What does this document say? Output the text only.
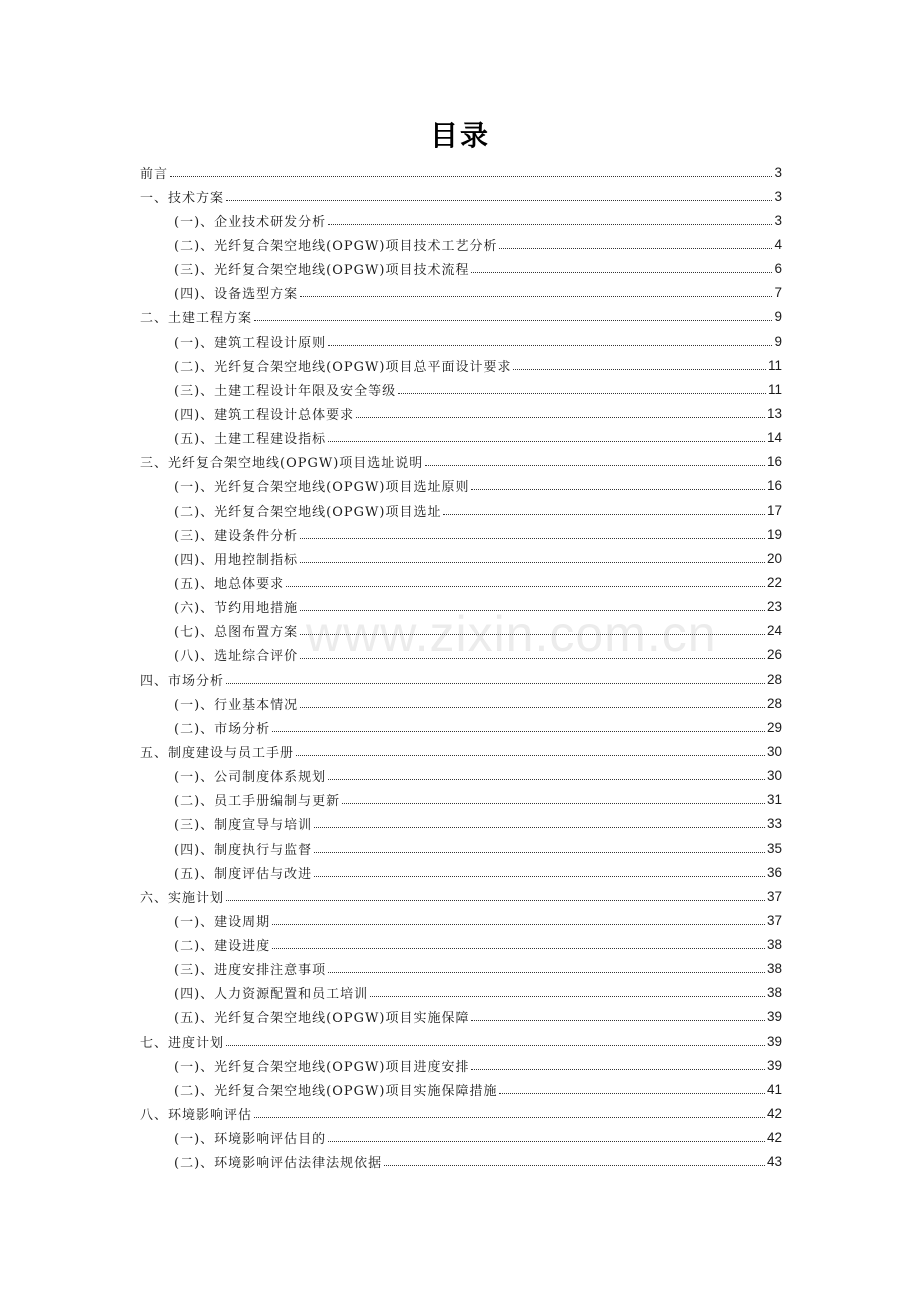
目录
前言	3
一、技术方案	3
(一)、企业技术研发分析	3
(二)、光纤复合架空地线(OPGW)项目技术工艺分析	4
(三)、光纤复合架空地线(OPGW)项目技术流程	6
(四)、设备选型方案	7
二、土建工程方案	9
(一)、建筑工程设计原则	9
(二)、光纤复合架空地线(OPGW)项目总平面设计要求	11
(三)、土建工程设计年限及安全等级	11
(四)、建筑工程设计总体要求	13
(五)、土建工程建设指标	14
三、光纤复合架空地线(OPGW)项目选址说明	16
(一)、光纤复合架空地线(OPGW)项目选址原则	16
(二)、光纤复合架空地线(OPGW)项目选址	17
(三)、建设条件分析	19
(四)、用地控制指标	20
(五)、地总体要求	22
(六)、节约用地措施	23
(七)、总图布置方案	24
(八)、选址综合评价	26
四、市场分析	28
(一)、行业基本情况	28
(二)、市场分析	29
五、制度建设与员工手册	30
(一)、公司制度体系规划	30
(二)、员工手册编制与更新	31
(三)、制度宣导与培训	33
(四)、制度执行与监督	35
(五)、制度评估与改进	36
六、实施计划	37
(一)、建设周期	37
(二)、建设进度	38
(三)、进度安排注意事项	38
(四)、人力资源配置和员工培训	38
(五)、光纤复合架空地线(OPGW)项目实施保障	39
七、进度计划	39
(一)、光纤复合架空地线(OPGW)项目进度安排	39
(二)、光纤复合架空地线(OPGW)项目实施保障措施	41
八、环境影响评估	42
(一)、环境影响评估目的	42
(二)、环境影响评估法律法规依据	43
www.zixin.com.cn
